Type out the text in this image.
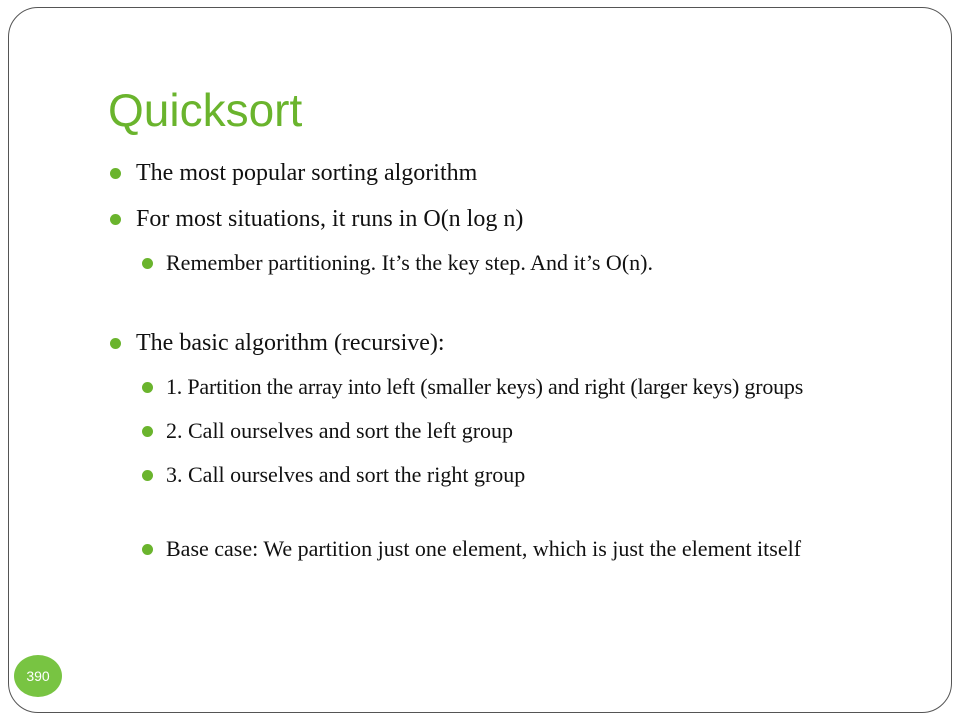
Quicksort
The most popular sorting algorithm
For most situations, it runs in O(n log n)
Remember partitioning. It’s the key step. And it’s O(n).
The basic algorithm (recursive):
1. Partition the array into left (smaller keys) and right (larger keys) groups
2. Call ourselves and sort the left group
3. Call ourselves and sort the right group
Base case: We partition just one element, which is just the element itself
390
